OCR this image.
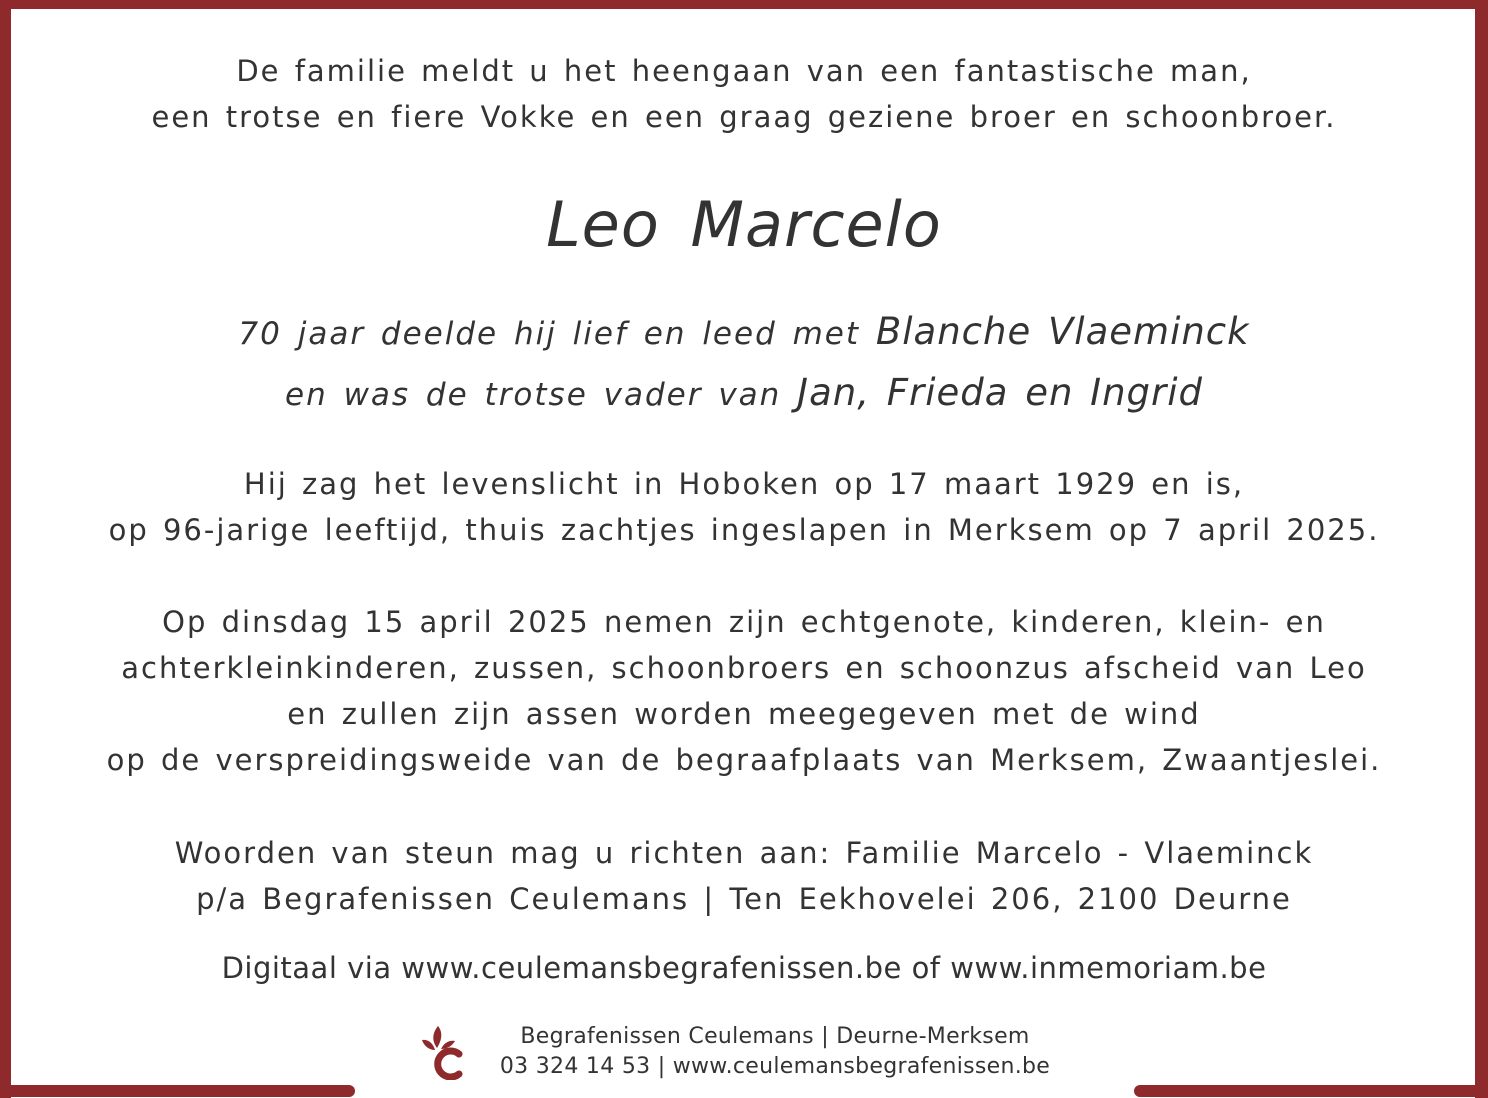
De familie meldt u het heengaan van een fantastische man,
een trotse en fiere Vokke en een graag geziene broer en schoonbroer.
Leo Marcelo
70 jaar deelde hij lief en leed met Blanche Vlaeminck
en was de trotse vader van Jan, Frieda en Ingrid
Hij zag het levenslicht in Hoboken op 17 maart 1929 en is,
op 96-jarige leeftijd, thuis zachtjes ingeslapen in Merksem op 7 april 2025.
Op dinsdag 15 april 2025 nemen zijn echtgenote, kinderen, klein- en
achterkleinkinderen, zussen, schoonbroers en schoonzus afscheid van Leo
en zullen zijn assen worden meegegeven met de wind
op de verspreidingsweide van de begraafplaats van Merksem, Zwaantjeslei.
Woorden van steun mag u richten aan: Familie Marcelo - Vlaeminck
p/a Begrafenissen Ceulemans | Ten Eekhovelei 206, 2100 Deurne
Digitaal via www.ceulemansbegrafenissen.be of www.inmemoriam.be
Begrafenissen Ceulemans | Deurne-Merksem
03 324 14 53 | www.ceulemansbegrafenissen.be
